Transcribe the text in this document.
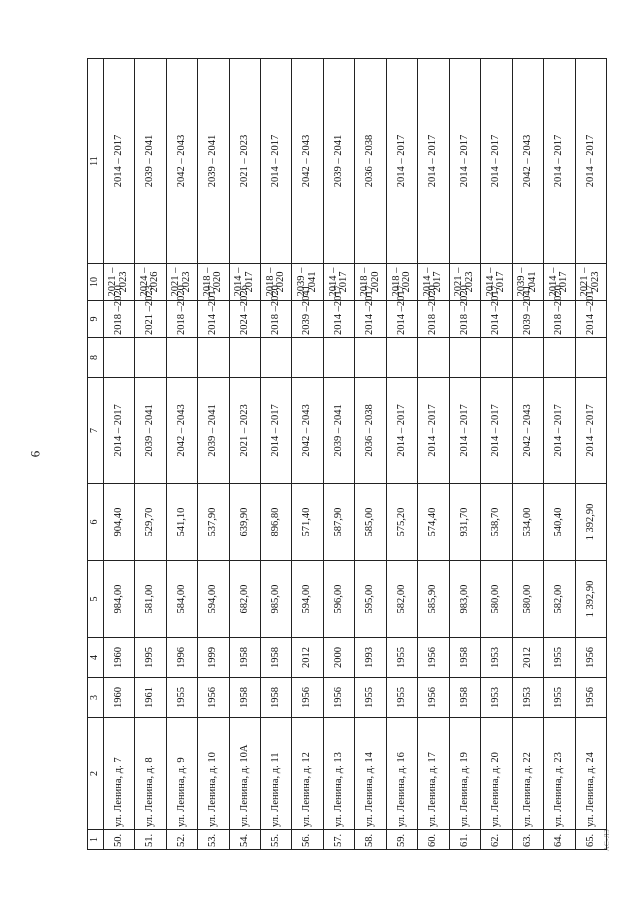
6
АС-ЛЗ
1	2	3	4	5	6	7	8	9	10	11
50.	ул. Ленина, д. 7	1960	1960	984,00	904,40	2014 – 2017		2018 –2020	2021 – 2023	2014 – 2017
51.	ул. Ленина, д. 8	1961	1995	581,00	529,70	2039 – 2041		2021 –2023	2024 – 2026	2039 – 2041
52.	ул. Ленина, д. 9	1955	1996	584,00	541,10	2042 – 2043		2018 –2020	2021 – 2023	2042 – 2043
53.	ул. Ленина, д. 10	1956	1999	594,00	537,90	2039 – 2041		2014 –2017	2018 – 2020	2039 – 2041
54.	ул. Ленина, д. 10А	1958	1958	682,00	639,90	2021 – 2023		2024 –2026	2014 – 2017	2021 – 2023
55.	ул. Ленина, д. 11	1958	1958	985,00	896,80	2014 – 2017		2018 –2020	2018 – 2020	2014 – 2017
56.	ул. Ленина, д. 12	1956	2012	594,00	571,40	2042 – 2043		2039 –2041	2039 – 2041	2042 – 2043
57.	ул. Ленина, д. 13	1956	2000	596,00	587,90	2039 – 2041		2014 –2017	2014 – 2017	2039 – 2041
58.	ул. Ленина, д. 14	1955	1993	595,00	585,00	2036 – 2038		2014 –2017	2018 – 2020	2036 – 2038
59.	ул. Ленина, д. 16	1955	1955	582,00	575,20	2014 – 2017		2014 –2017	2018 – 2020	2014 – 2017
60.	ул. Ленина, д. 17	1956	1956	585,90	574,40	2014 – 2017		2018 –2020	2014 – 2017	2014 – 2017
61.	ул. Ленина, д. 19	1958	1958	983,00	931,70	2014 – 2017		2018 –2020	2021 – 2023	2014 – 2017
62.	ул. Ленина, д. 20	1953	1953	580,00	538,70	2014 – 2017		2014 –2017	2014 – 2017	2014 – 2017
63.	ул. Ленина, д. 22	1953	2012	580,00	534,00	2042 – 2043		2039 –2041	2039 – 2041	2042 – 2043
64.	ул. Ленина, д. 23	1955	1955	582,00	540,40	2014 – 2017		2018 –2020	2014 – 2017	2014 – 2017
65.	ул. Ленина, д. 24	1956	1956	1 392,90	1 392,90	2014 – 2017		2014 –2017	2021 – 2023	2014 – 2017
